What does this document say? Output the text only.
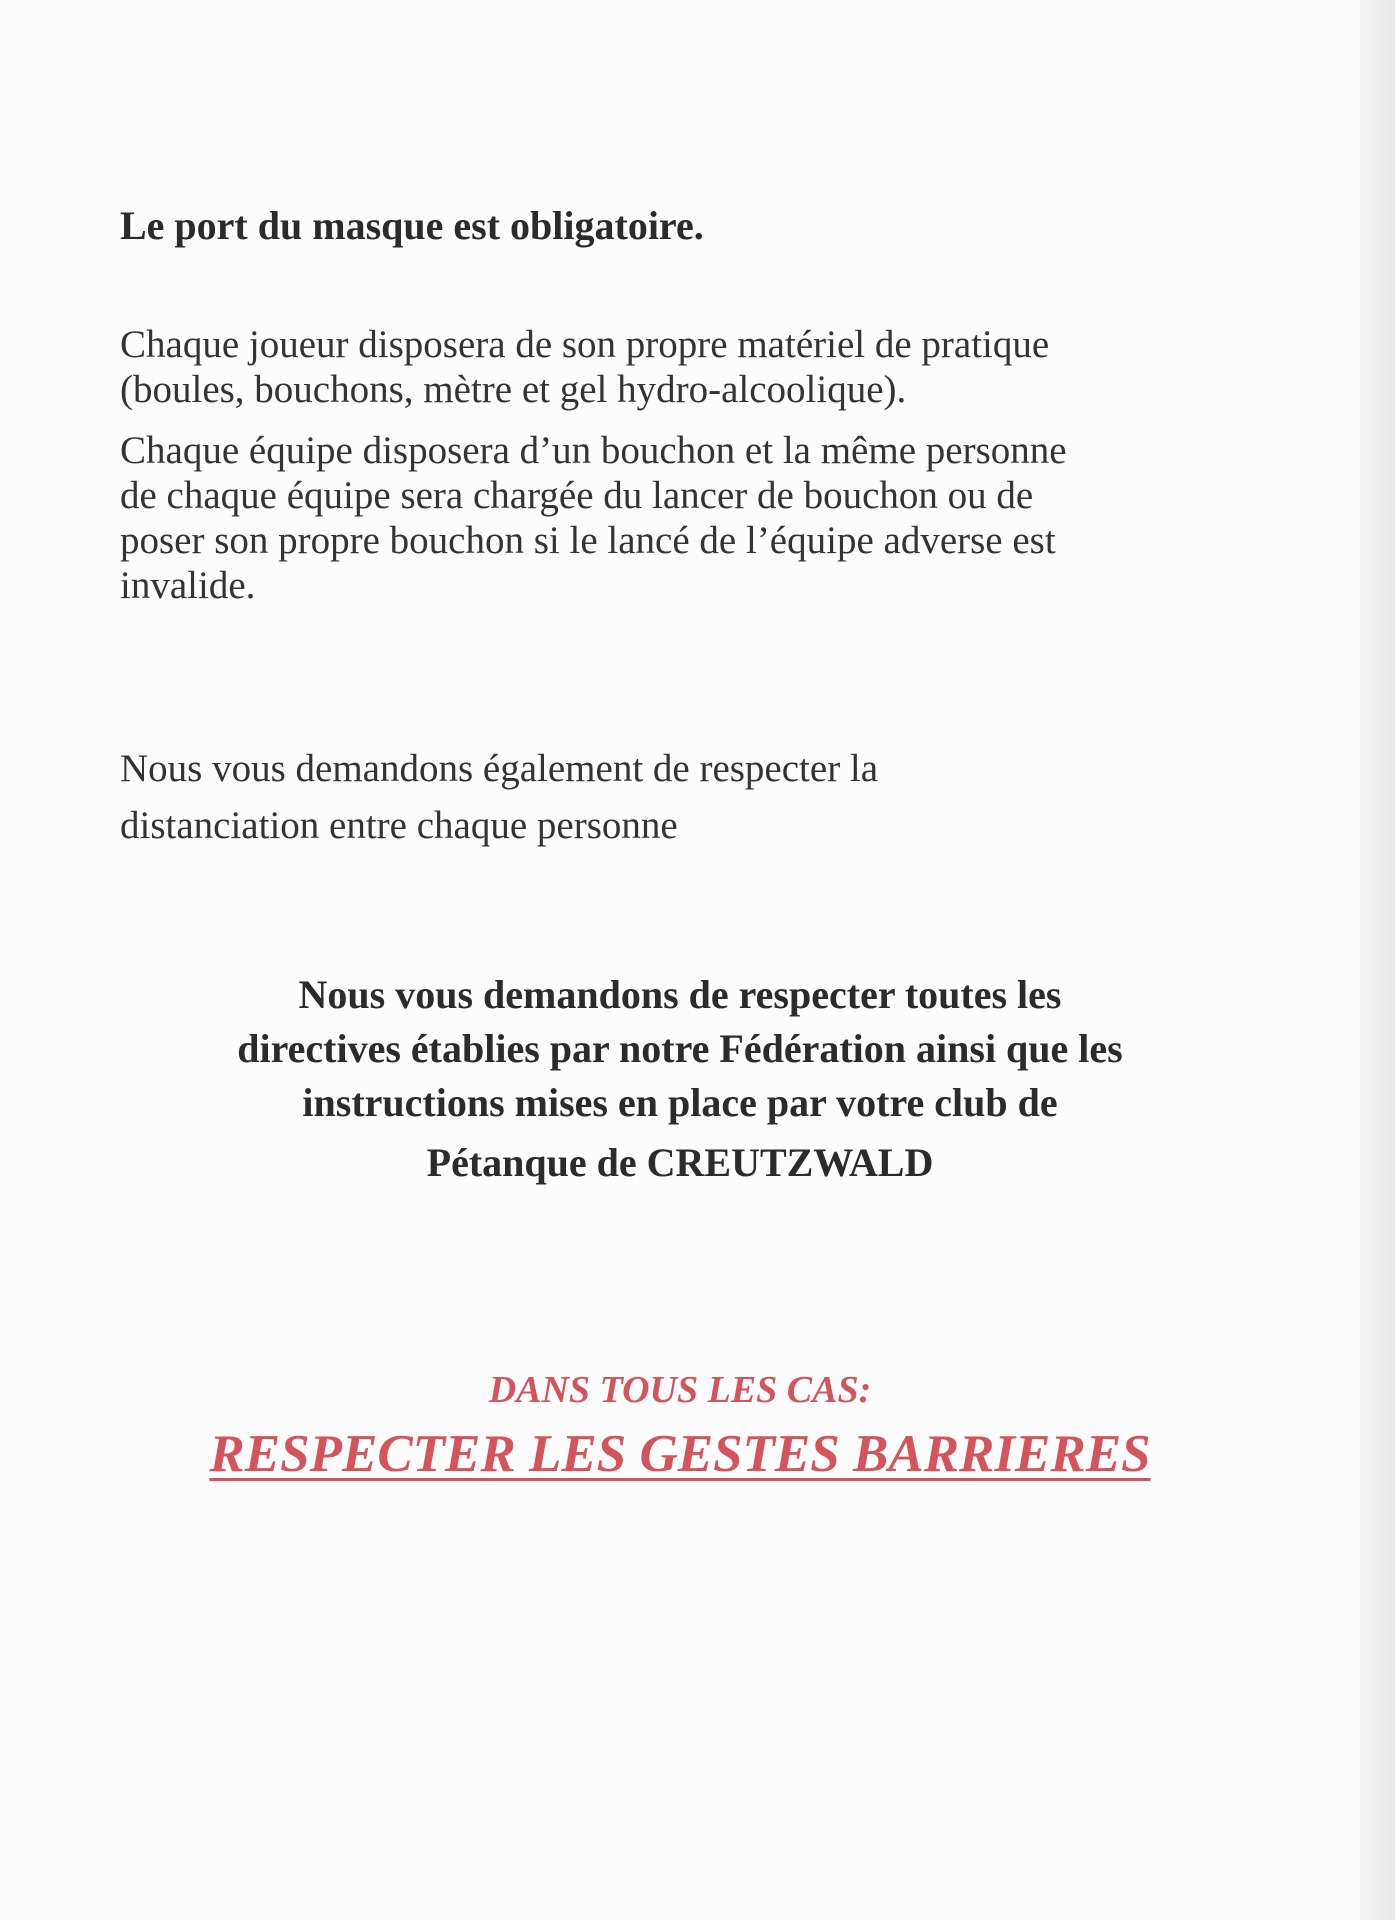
Le port du masque est obligatoire.

Chaque joueur disposera de son propre matériel de pratique
(boules, bouchons, mètre et gel hydro-alcoolique).

Chaque équipe disposera d’un bouchon et la même personne
de chaque équipe sera chargée du lancer de bouchon ou de
poser son propre bouchon si le lancé de l’équipe adverse est
invalide.

Nous vous demandons également de respecter la
distanciation entre chaque personne

Nous vous demandons de respecter toutes les
directives établies par notre Fédération ainsi que les
instructions mises en place par votre club de
Pétanque de CREUTZWALD

DANS TOUS LES CAS:

RESPECTER LES GESTES BARRIERES
